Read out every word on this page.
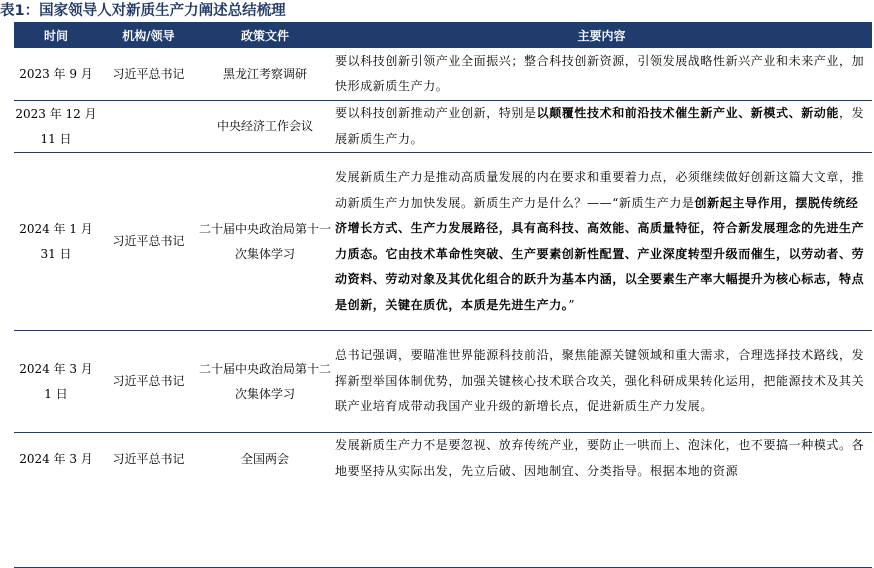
表1：国家领导人对新质生产力阐述总结梳理
时间	机构/领导	政策文件	主要内容
2023 年 9 月	习近平总书记	黑龙江考察调研	要以科技创新引领产业全面振兴；整合科技创新资源，引领发展战略性新兴产业和未来产业，加快形成新质生产力。
2023 年 12 月 11 日		中央经济工作会议	要以科技创新推动产业创新，特别是以颠覆性技术和前沿技术催生新产业、新模式、新动能，发展新质生产力。
2024 年 1 月 31 日	习近平总书记	二十届中央政治局第十一次集体学习	发展新质生产力是推动高质量发展的内在要求和重要着力点，必须继续做好创新这篇大文章，推动新质生产力加快发展。新质生产力是什么？——“新质生产力是创新起主导作用，摆脱传统经济增长方式、生产力发展路径，具有高科技、高效能、高质量特征，符合新发展理念的先进生产力质态。它由技术革命性突破、生产要素创新性配置、产业深度转型升级而催生，以劳动者、劳动资料、劳动对象及其优化组合的跃升为基本内涵，以全要素生产率大幅提升为核心标志，特点是创新，关键在质优，本质是先进生产力。”
2024 年 3 月 1 日	习近平总书记	二十届中央政治局第十二次集体学习	总书记强调，要瞄准世界能源科技前沿，聚焦能源关键领域和重大需求，合理选择技术路线，发挥新型举国体制优势，加强关键核心技术联合攻关，强化科研成果转化运用，把能源技术及其关联产业培育成带动我国产业升级的新增长点，促进新质生产力发展。
2024 年 3 月	习近平总书记	全国两会	发展新质生产力不是要忽视、放弃传统产业，要防止一哄而上、泡沫化，也不要搞一种模式。各地要坚持从实际出发，先立后破、因地制宜、分类指导。根据本地的资源
